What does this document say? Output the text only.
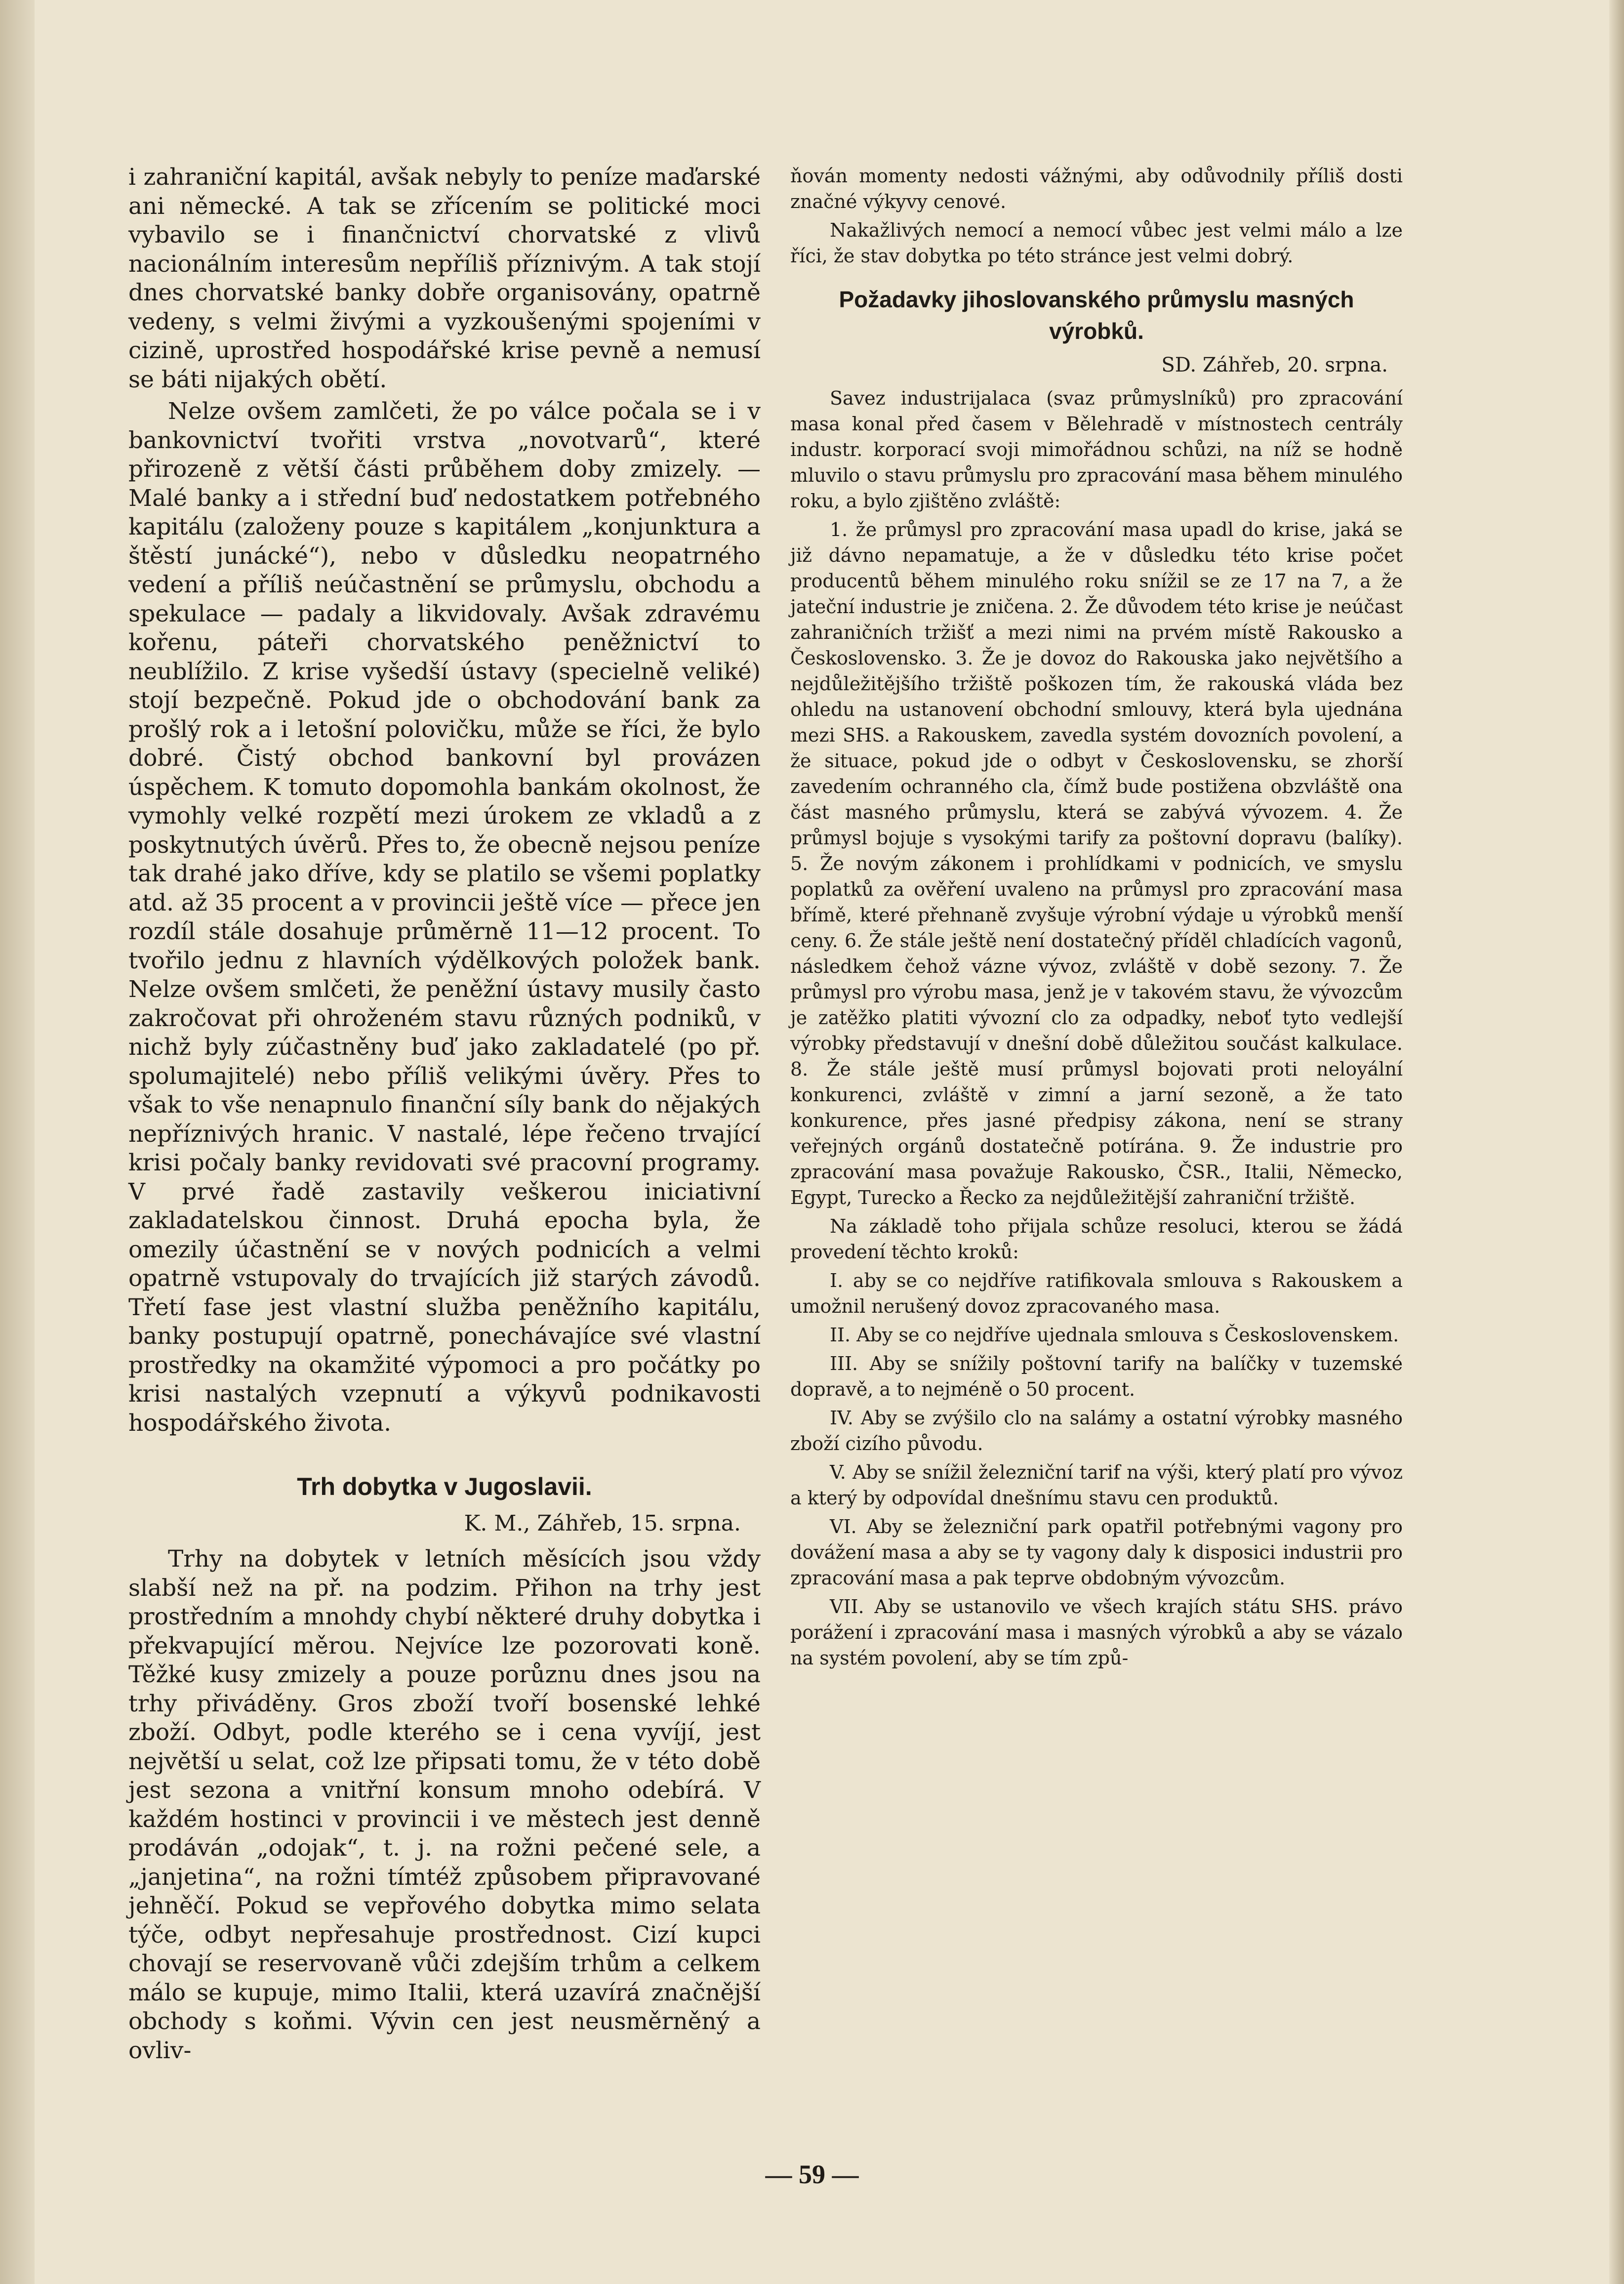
i zahraniční kapitál, avšak nebyly to peníze maďarské ani německé. A tak se zřícením se politické moci vybavilo se i finančnictví chorvatské z vlivů nacionálním interesům nepříliš příznivým. A tak stojí dnes chorvatské banky dobře organisovány, opatrně vedeny, s velmi živými a vyzkoušenými spojeními v cizině, uprostřed hospodářské krise pevně a nemusí se báti nijakých obětí.

Nelze ovšem zamlčeti, že po válce počala se i v bankovnictví tvořiti vrstva „novotvarů“, které přirozeně z větší části průběhem doby zmizely. — Malé banky a i střední buď nedostatkem potřebného kapitálu (založeny pouze s kapitálem „konjunktura a štěstí junácké“), nebo v důsledku neopatrného vedení a příliš neúčastnění se průmyslu, obchodu a spekulace — padaly a likvidovaly. Avšak zdravému kořenu, páteři chorvatského peněžnictví to neublížilo. Z krise vyšedší ústavy (specielně veliké) stojí bezpečně. Pokud jde o obchodování bank za prošlý rok a i letošní polovičku, může se říci, že bylo dobré. Čistý obchod bankovní byl provázen úspěchem. K tomuto dopomohla bankám okolnost, že vymohly velké rozpětí mezi úrokem ze vkladů a z poskytnutých úvěrů. Přes to, že obecně nejsou peníze tak drahé jako dříve, kdy se platilo se všemi poplatky atd. až 35 procent a v provincii ještě více — přece jen rozdíl stále dosahuje průměrně 11—12 procent. To tvořilo jednu z hlavních výdělkových položek bank. Nelze ovšem smlčeti, že peněžní ústavy musily často zakročovat při ohroženém stavu různých podniků, v nichž byly zúčastněny buď jako zakladatelé (po př. spolumajitelé) nebo příliš velikými úvěry. Přes to však to vše nenapnulo finanční síly bank do nějakých nepříznivých hranic. V nastalé, lépe řečeno trvající krisi počaly banky revidovati své pracovní programy. V prvé řadě zastavily veškerou iniciativní zakladatelskou činnost. Druhá epocha byla, že omezily účastnění se v nových podnicích a velmi opatrně vstupovaly do trvajících již starých závodů. Třetí fase jest vlastní služba peněžního kapitálu, banky postupují opatrně, ponechávajíce své vlastní prostředky na okamžité výpomoci a pro počátky po krisi nastalých vzepnutí a výkyvů podnikavosti hospodářského života.

Trh dobytka v Jugoslavii.
K. M., Záhřeb, 15. srpna.

Trhy na dobytek v letních měsících jsou vždy slabší než na př. na podzim. Přihon na trhy jest prostředním a mnohdy chybí některé druhy dobytka i překvapující měrou. Nejvíce lze pozorovati koně. Těžké kusy zmizely a pouze porůznu dnes jsou na trhy přiváděny. Gros zboží tvoří bosenské lehké zboží. Odbyt, podle kterého se i cena vyvíjí, jest největší u selat, což lze připsati tomu, že v této době jest sezona a vnitřní konsum mnoho odebírá. V každém hostinci v provincii i ve městech jest denně prodáván „odojak“, t. j. na rožni pečené sele, a „janjetina“, na rožni tímtéž způsobem připravované jehněčí. Pokud se vepřového dobytka mimo selata týče, odbyt nepřesahuje prostřednost. Cizí kupci chovají se reservovaně vůči zdejším trhům a celkem málo se kupuje, mimo Italii, která uzavírá značnější obchody s koňmi. Vývin cen jest neusměrněný a ovliv-

ňován momenty nedosti vážnými, aby odůvodnily příliš dosti značné výkyvy cenové.

Nakažlivých nemocí a nemocí vůbec jest velmi málo a lze říci, že stav dobytka po této stránce jest velmi dobrý.

Požadavky jihoslovanského průmyslu masných výrobků.
SD. Záhřeb, 20. srpna.

Savez industrijalaca (svaz průmyslníků) pro zpracování masa konal před časem v Bělehradě v místnostech centrály industr. korporací svoji mimořádnou schůzi, na níž se hodně mluvilo o stavu průmyslu pro zpracování masa během minulého roku, a bylo zjištěno zvláště:

1. že průmysl pro zpracování masa upadl do krise, jaká se již dávno nepamatuje, a že v důsledku této krise počet producentů během minulého roku snížil se ze 17 na 7, a že jateční industrie je zničena. 2. Že důvodem této krise je neúčast zahraničních tržišť a mezi nimi na prvém místě Rakousko a Československo. 3. Že je dovoz do Rakouska jako největšího a nejdůležitějšího tržiště poškozen tím, že rakouská vláda bez ohledu na ustanovení obchodní smlouvy, která byla ujednána mezi SHS. a Rakouskem, zavedla systém dovozních povolení, a že situace, pokud jde o odbyt v Československu, se zhorší zavedením ochranného cla, čímž bude postižena obzvláště ona část masného průmyslu, která se zabývá vývozem. 4. Že průmysl bojuje s vysokými tarify za poštovní dopravu (balíky). 5. Že novým zákonem i prohlídkami v podnicích, ve smyslu poplatků za ověření uvaleno na průmysl pro zpracování masa břímě, které přehnaně zvyšuje výrobní výdaje u výrobků menší ceny. 6. Že stále ještě není dostatečný příděl chladících vagonů, následkem čehož vázne vývoz, zvláště v době sezony. 7. Že průmysl pro výrobu masa, jenž je v takovém stavu, že vývozcům je zatěžko platiti vývozní clo za odpadky, neboť tyto vedlejší výrobky představují v dnešní době důležitou součást kalkulace. 8. Že stále ještě musí průmysl bojovati proti neloyální konkurenci, zvláště v zimní a jarní sezoně, a že tato konkurence, přes jasné předpisy zákona, není se strany veřejných orgánů dostatečně potírána. 9. Že industrie pro zpracování masa považuje Rakousko, ČSR., Italii, Německo, Egypt, Turecko a Řecko za nejdůležitější zahraniční tržiště.

Na základě toho přijala schůze resoluci, kterou se žádá provedení těchto kroků:

I. aby se co nejdříve ratifikovala smlouva s Rakouskem a umožnil nerušený dovoz zpracovaného masa.

II. Aby se co nejdříve ujednala smlouva s Československem.

III. Aby se snížily poštovní tarify na balíčky v tuzemské dopravě, a to nejméně o 50 procent.

IV. Aby se zvýšilo clo na salámy a ostatní výrobky masného zboží cizího původu.

V. Aby se snížil železniční tarif na výši, který platí pro vývoz a který by odpovídal dnešnímu stavu cen produktů.

VI. Aby se železniční park opatřil potřebnými vagony pro dovážení masa a aby se ty vagony daly k disposici industrii pro zpracování masa a pak teprve obdobným vývozcům.

VII. Aby se ustanovilo ve všech krajích státu SHS. právo porážení i zpracování masa i masných výrobků a aby se vázalo na systém povolení, aby se tím způ-

— 59 —
